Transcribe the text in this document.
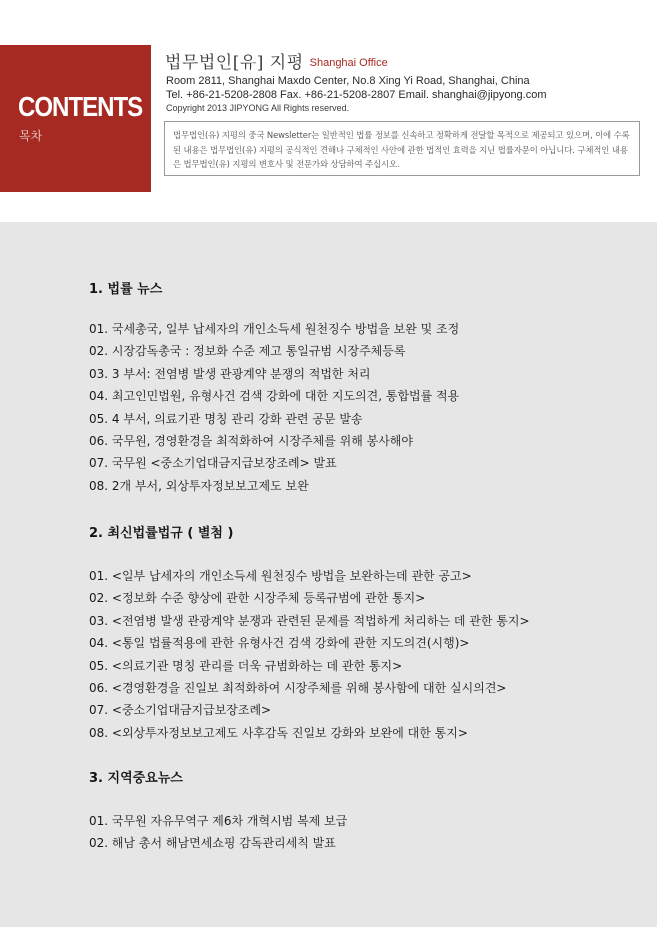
CONTENTS
목차
법무법인[유] 지평 Shanghai Office
Room 2811, Shanghai Maxdo Center, No.8 Xing Yi Road, Shanghai, China
Tel. +86-21-5208-2808 Fax. +86-21-5208-2807 Email. shanghai@jipyong.com
Copyright 2013 JIPYONG All Rights reserved.
법무법인(유) 지평의 중국 Newsletter는 일반적인 법률 정보를 신속하고 정확하게 전달할 목적으로 제공되고 있으며, 이에 수록된 내용은 법무법인(유) 지평의 공식적인 견해나 구체적인 사안에 관한 법적인 효력을 지닌 법률자문이 아닙니다. 구체적인 내용은 법무법인(유) 지평의 변호사 및 전문가와 상담하여 주십시오.
1. 법률 뉴스
01. 국세총국, 일부 납세자의 개인소득세 원천징수 방법을 보완 및 조정
02. 시장감독총국 : 정보화 수준 제고 통일규범 시장주체등록
03. 3 부서: 전염병 발생 관광계약 분쟁의 적법한 처리
04. 최고인민법원, 유형사건 검색 강화에 대한 지도의견, 통합법률 적용
05. 4 부서, 의료기관 명칭 관리 강화 관련 공문 발송
06. 국무원, 경영환경을 최적화하여 시장주체를 위해 봉사해야
07. 국무원 <중소기업대금지급보장조례> 발표
08. 2개 부서, 외상투자정보보고제도 보완
2. 최신법률법규 ( 별첨 )
01. <일부 납세자의 개인소득세 원천징수 방법을 보완하는데 관한 공고>
02. <정보화 수준 향상에 관한 시장주체 등록규범에 관한 통지>
03. <전염병 발생 관광계약 분쟁과 관련된 문제를 적법하게 처리하는 데 관한 통지>
04. <통일 법률적용에 관한 유형사건 검색 강화에 관한 지도의견(시행)>
05. <의료기관 명칭 관리를 더욱 규범화하는 데 관한 통지>
06. <경영환경을 진일보 최적화하여 시장주체를 위해 봉사함에 대한 실시의견>
07. <중소기업대금지급보장조례>
08. <외상투자정보보고제도 사후감독 진일보 강화와 보완에 대한 통지>
3. 지역중요뉴스
01. 국무원 자유무역구 제6차 개혁시범 복제 보급
02. 해남 총서 해남면세쇼핑 감독관리세칙 발표
